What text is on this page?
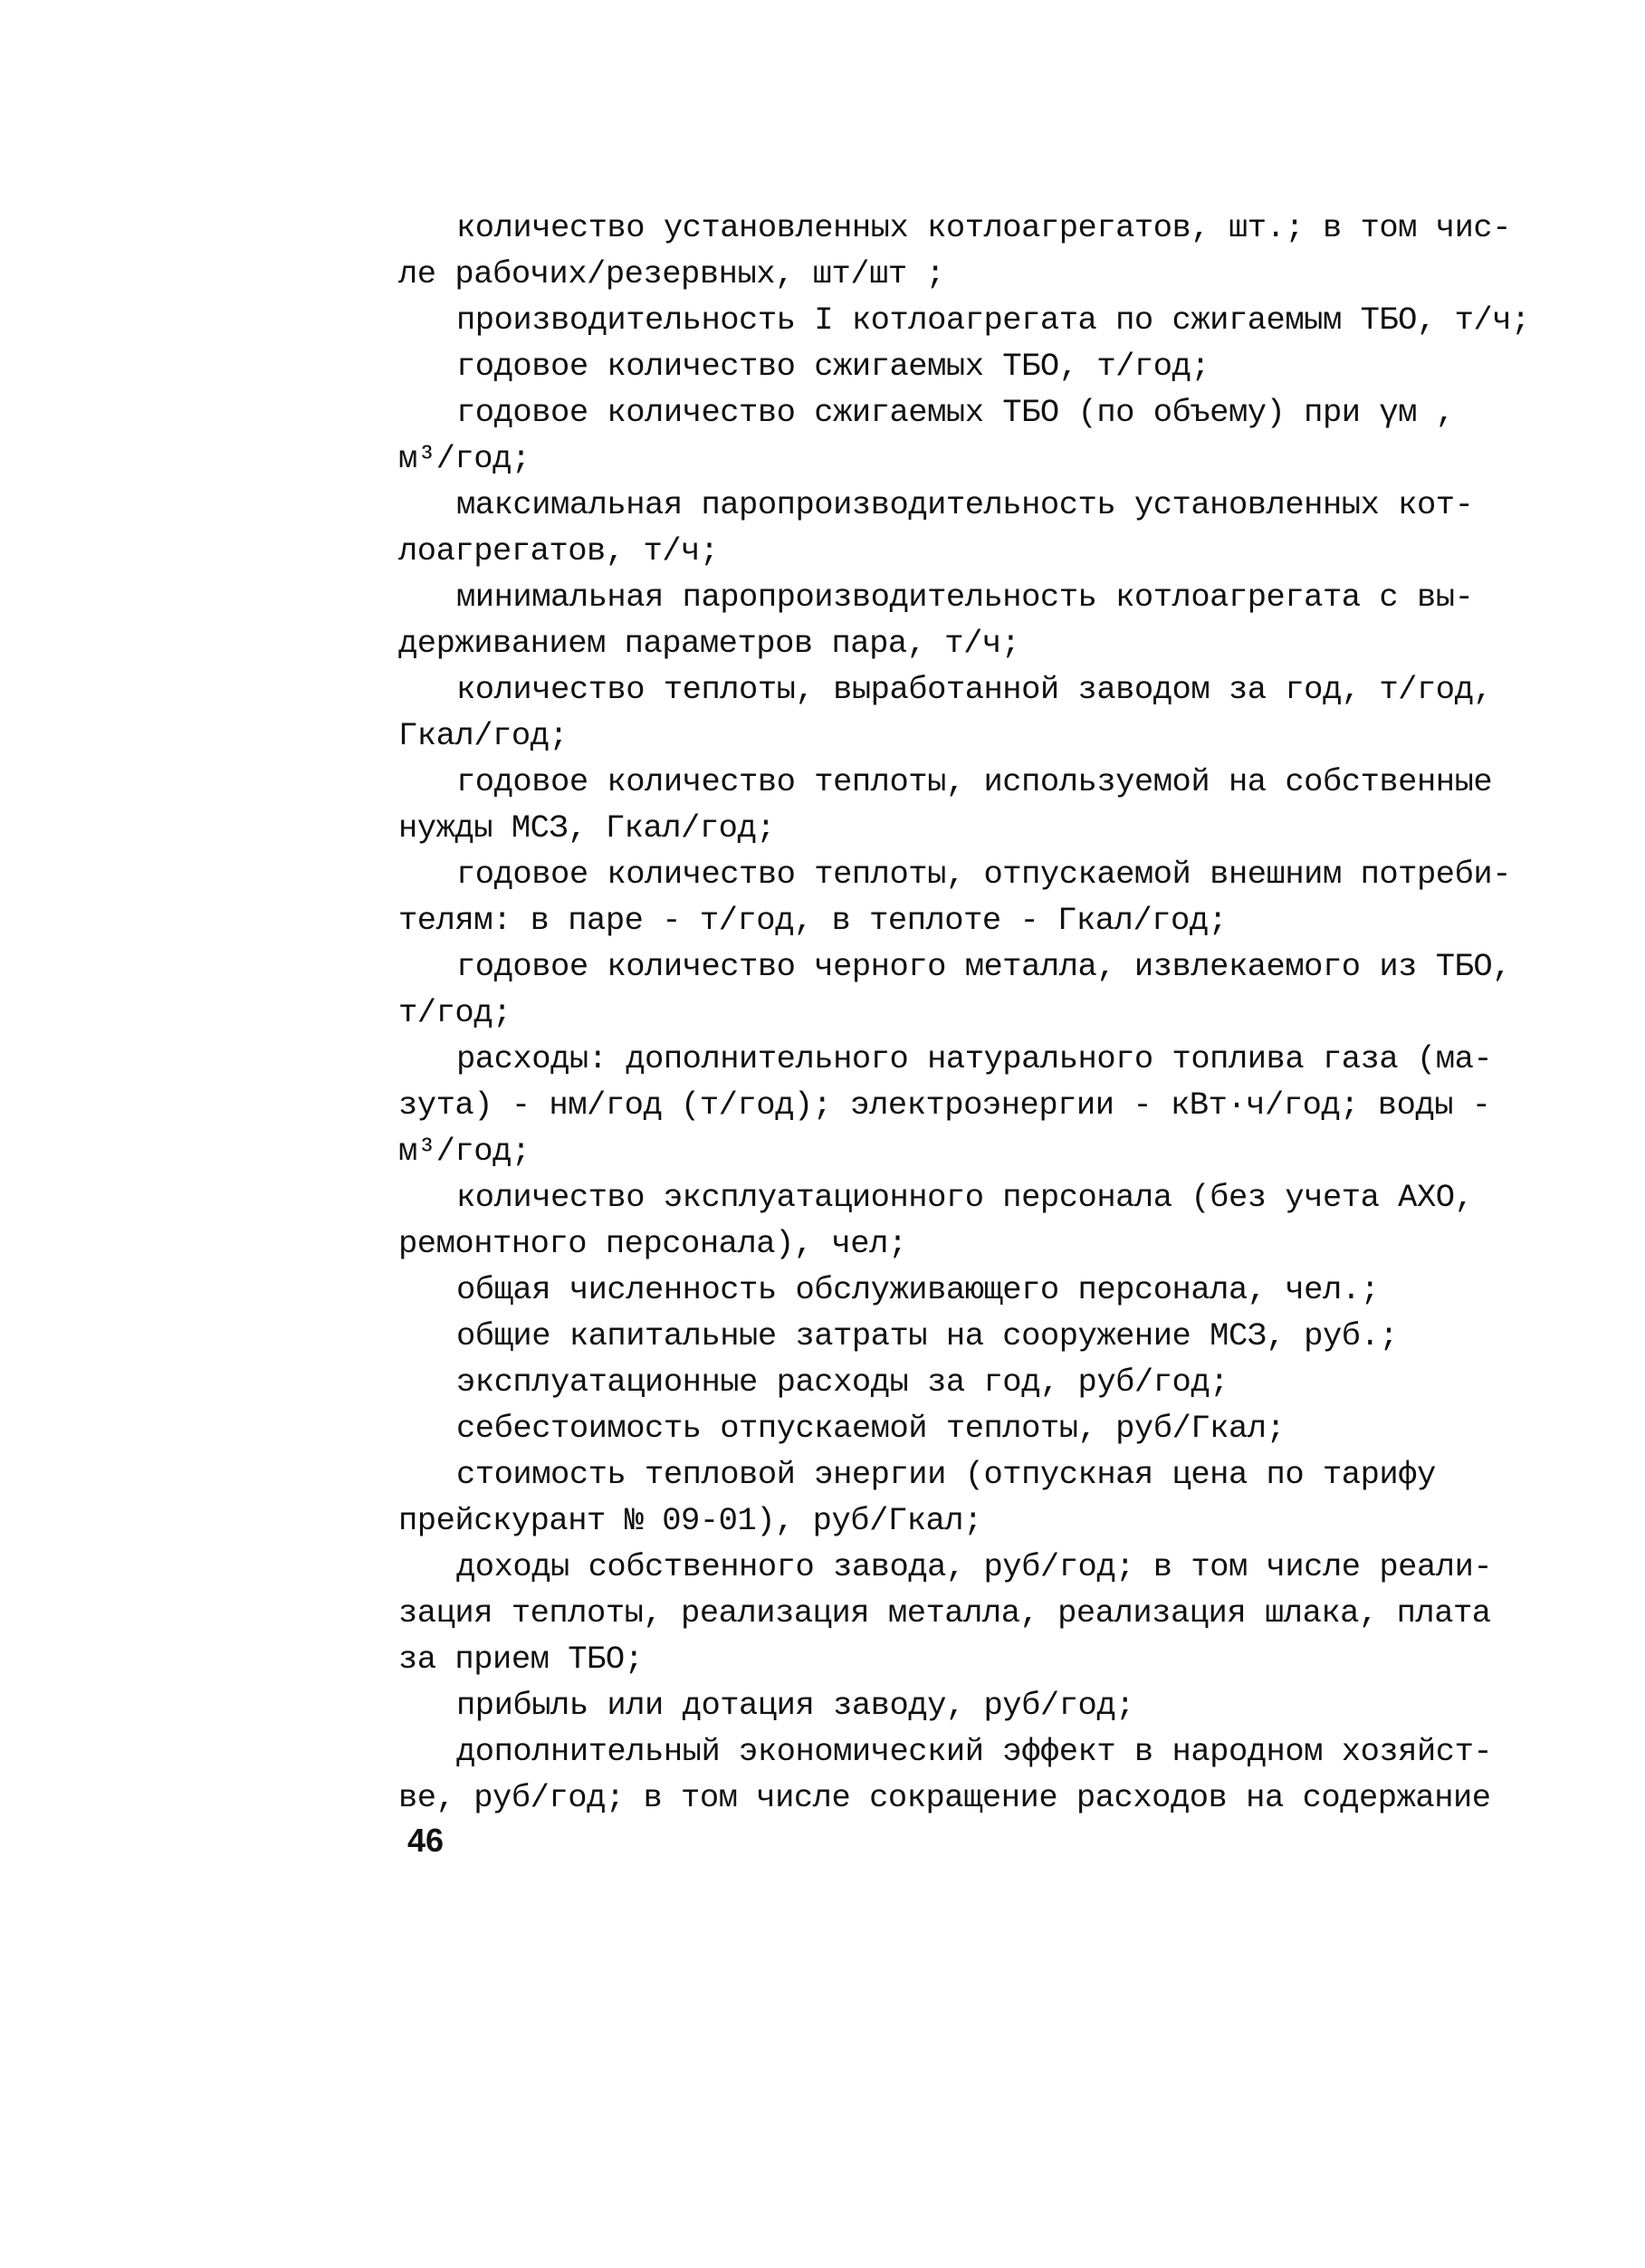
количество установленных котлоагрегатов, шт.; в том чис-
ле рабочих/резервных, шт/шт ;
производительность I котлоагрегата по сжигаемым ТБО, т/ч;
годовое количество сжигаемых ТБО, т/год;
годовое количество сжигаемых ТБО (по объему) при γм ,
м³/год;
максимальная паропроизводительность установленных кот-
лоагрегатов, т/ч;
минимальная паропроизводительность котлоагрегата с вы-
держиванием параметров пара, т/ч;
количество теплоты, выработанной заводом за год, т/год,
Гкал/год;
годовое количество теплоты, используемой на собственные
нужды МСЗ, Гкал/год;
годовое количество теплоты, отпускаемой внешним потреби-
телям: в паре - т/год, в теплоте - Гкал/год;
годовое количество черного металла, извлекаемого из ТБО,
т/год;
расходы: дополнительного натурального топлива газа (ма-
зута) - нм/год (т/год); электроэнергии - кВт·ч/год; воды -
м³/год;
количество эксплуатационного персонала (без учета АХО,
ремонтного персонала), чел;
общая численность обслуживающего персонала, чел.;
общие капитальные затраты на сооружение МСЗ, руб.;
эксплуатационные расходы за год, руб/год;
себестоимость отпускаемой теплоты, руб/Гкал;
стоимость тепловой энергии (отпускная цена по тарифу
прейскурант № 09-01), руб/Гкал;
доходы собственного завода, руб/год; в том числе реали-
зация теплоты, реализация металла, реализация шлака, плата
за прием ТБО;
прибыль или дотация заводу, руб/год;
дополнительный экономический эффект в народном хозяйст-
ве, руб/год; в том числе сокращение расходов на содержание
46
